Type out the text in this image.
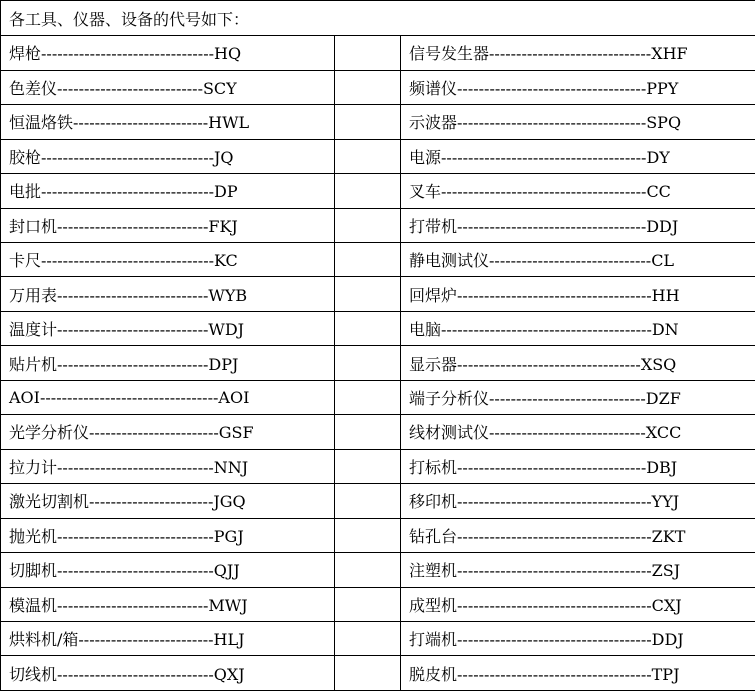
各工具、仪器、设备的代号如下：		
焊枪--------------------------------HQ		信号发生器------------------------------XHF
色差仪---------------------------SCY		频谱仪-----------------------------------PPY
恒温烙铁-------------------------HWL		示波器-----------------------------------SPQ
胶枪--------------------------------JQ		电源--------------------------------------DY
电批--------------------------------DP		叉车--------------------------------------CC
封口机----------------------------FKJ		打带机-----------------------------------DDJ
卡尺--------------------------------KC		静电测试仪------------------------------CL
万用表----------------------------WYB		回焊炉------------------------------------HH
温度计----------------------------WDJ		电脑---------------------------------------DN
贴片机----------------------------DPJ		显示器----------------------------------XSQ
AOI---------------------------------AOI		端子分析仪-----------------------------DZF
光学分析仪------------------------GSF		线材测试仪-----------------------------XCC
拉力计-----------------------------NNJ		打标机-----------------------------------DBJ
激光切割机-----------------------JGQ		移印机------------------------------------YYJ
抛光机-----------------------------PGJ		钻孔台------------------------------------ZKT
切脚机-----------------------------QJJ		注塑机------------------------------------ZSJ
模温机----------------------------MWJ		成型机------------------------------------CXJ
烘料机/箱-------------------------HLJ		打端机------------------------------------DDJ
切线机-----------------------------QXJ		脱皮机------------------------------------TPJ
